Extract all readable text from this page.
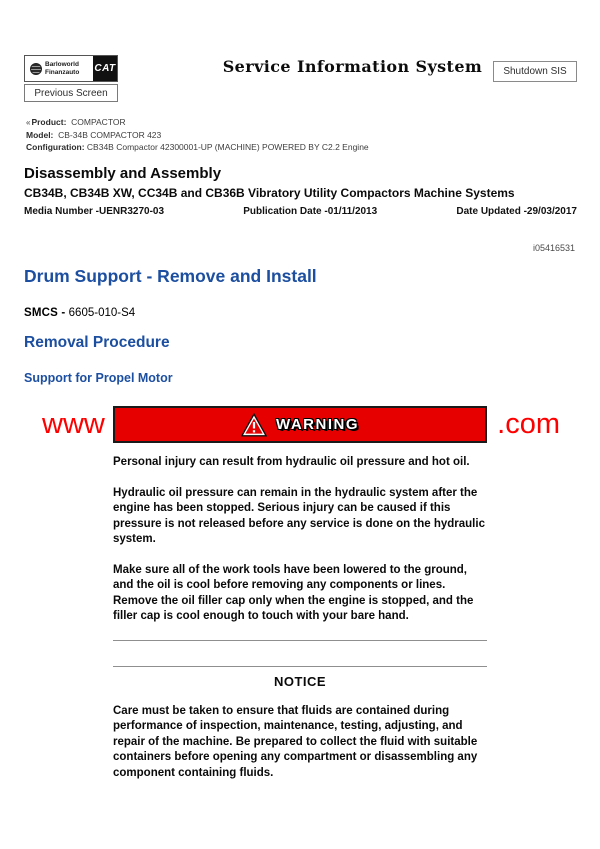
Barloworld
Finanzauto CAT	Service Information System	Shutdown SIS
Previous Screen
«Product: COMPACTOR
Model: CB-34B COMPACTOR 423
Configuration: CB34B Compactor 42300001-UP (MACHINE) POWERED BY C2.2 Engine
Disassembly and Assembly
CB34B, CB34B XW, CC34B and CB36B Vibratory Utility Compactors Machine Systems
Media Number -UENR3270-03	Publication Date -01/11/2013	Date Updated -29/03/2017
i05416531
Drum Support - Remove and Install
SMCS - 6605-010-S4
Removal Procedure
Support for Propel Motor
www	.com
WARNING

Personal injury can result from hydraulic oil pressure and hot oil.

Hydraulic oil pressure can remain in the hydraulic system after the engine has been stopped. Serious injury can be caused if this pressure is not released before any service is done on the hydraulic system.

Make sure all of the work tools have been lowered to the ground, and the oil is cool before removing any components or lines. Remove the oil filler cap only when the engine is stopped, and the filler cap is cool enough to touch with your bare hand.

NOTICE

Care must be taken to ensure that fluids are contained during performance of inspection, maintenance, testing, adjusting, and repair of the machine. Be prepared to collect the fluid with suitable containers before opening any compartment or disassembling any component containing fluids.
